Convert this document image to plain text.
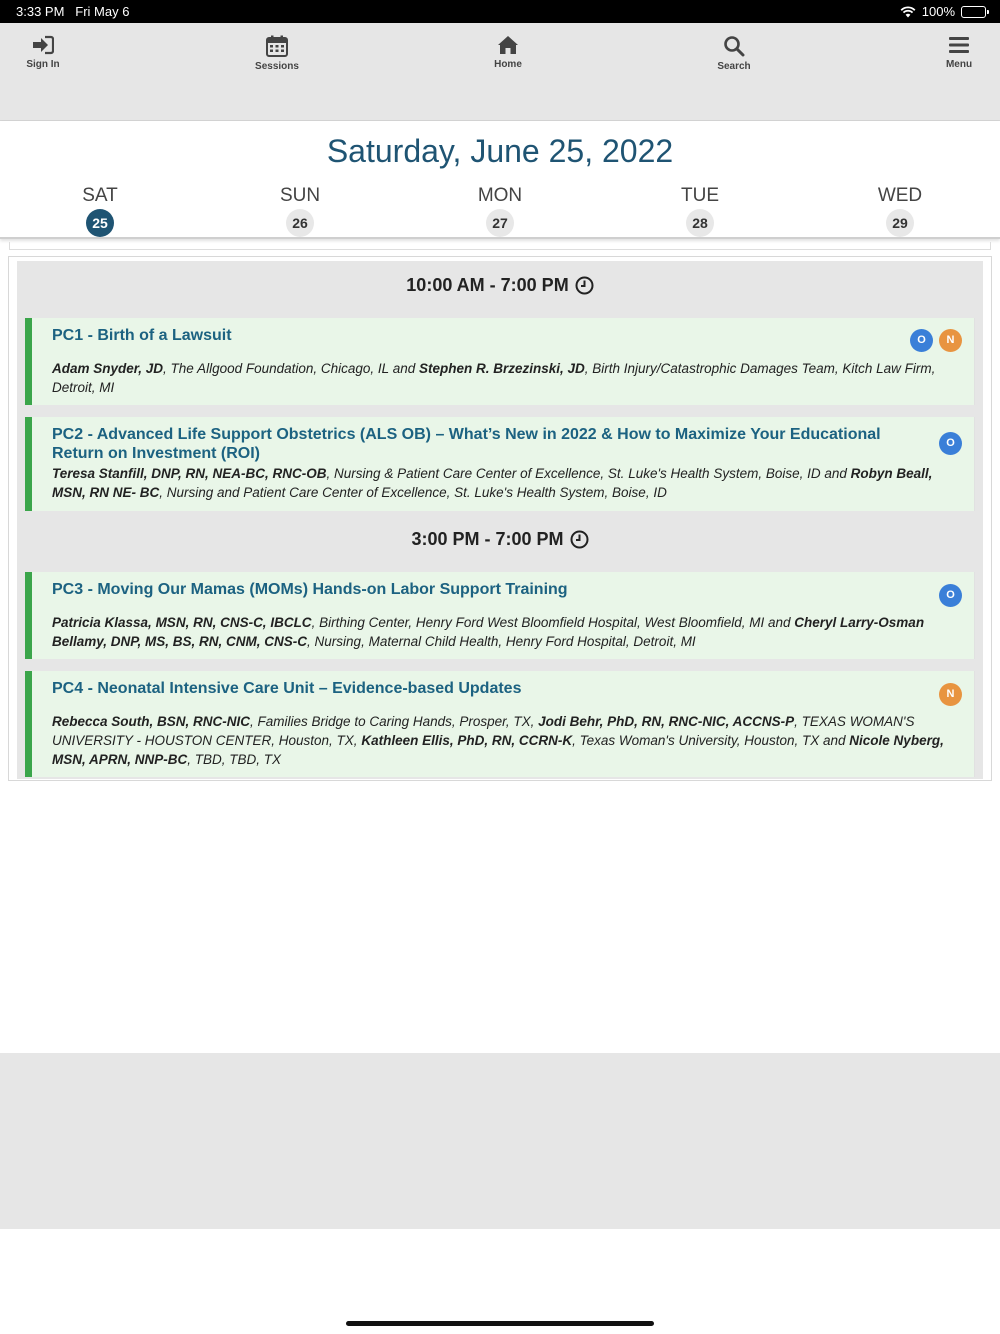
3:33 PM Fri May 6	100%
Sign In	Sessions	Home	Search	Menu
Saturday, June 25, 2022
SAT
25
SUN
26
MON
27
TUE
28
WED
29
10:00 AM - 7:00 PM
PC1 - Birth of a Lawsuit	O	N
Adam Snyder, JD, The Allgood Foundation, Chicago, IL and Stephen R. Brzezinski, JD, Birth Injury/Catastrophic Damages Team, Kitch Law Firm, Detroit, MI
PC2 - Advanced Life Support Obstetrics (ALS OB) – What’s New in 2022 & How to Maximize Your Educational Return on Investment (ROI)
O
Teresa Stanfill, DNP, RN, NEA-BC, RNC-OB, Nursing & Patient Care Center of Excellence, St. Luke's Health System, Boise, ID and Robyn Beall, MSN, RN NE- BC, Nursing and Patient Care Center of Excellence, St. Luke's Health System, Boise, ID
3:00 PM - 7:00 PM
PC3 - Moving Our Mamas (MOMs) Hands-on Labor Support Training	O
Patricia Klassa, MSN, RN, CNS-C, IBCLC, Birthing Center, Henry Ford West Bloomfield Hospital, West Bloomfield, MI and Cheryl Larry-Osman Bellamy, DNP, MS, BS, RN, CNM, CNS-C, Nursing, Maternal Child Health, Henry Ford Hospital, Detroit, MI
PC4 - Neonatal Intensive Care Unit – Evidence-based Updates	N
Rebecca South, BSN, RNC-NIC, Families Bridge to Caring Hands, Prosper, TX, Jodi Behr, PhD, RN, RNC-NIC, ACCNS-P, TEXAS WOMAN'S UNIVERSITY - HOUSTON CENTER, Houston, TX, Kathleen Ellis, PhD, RN, CCRN-K, Texas Woman's University, Houston, TX and Nicole Nyberg, MSN, APRN, NNP-BC, TBD, TBD, TX
